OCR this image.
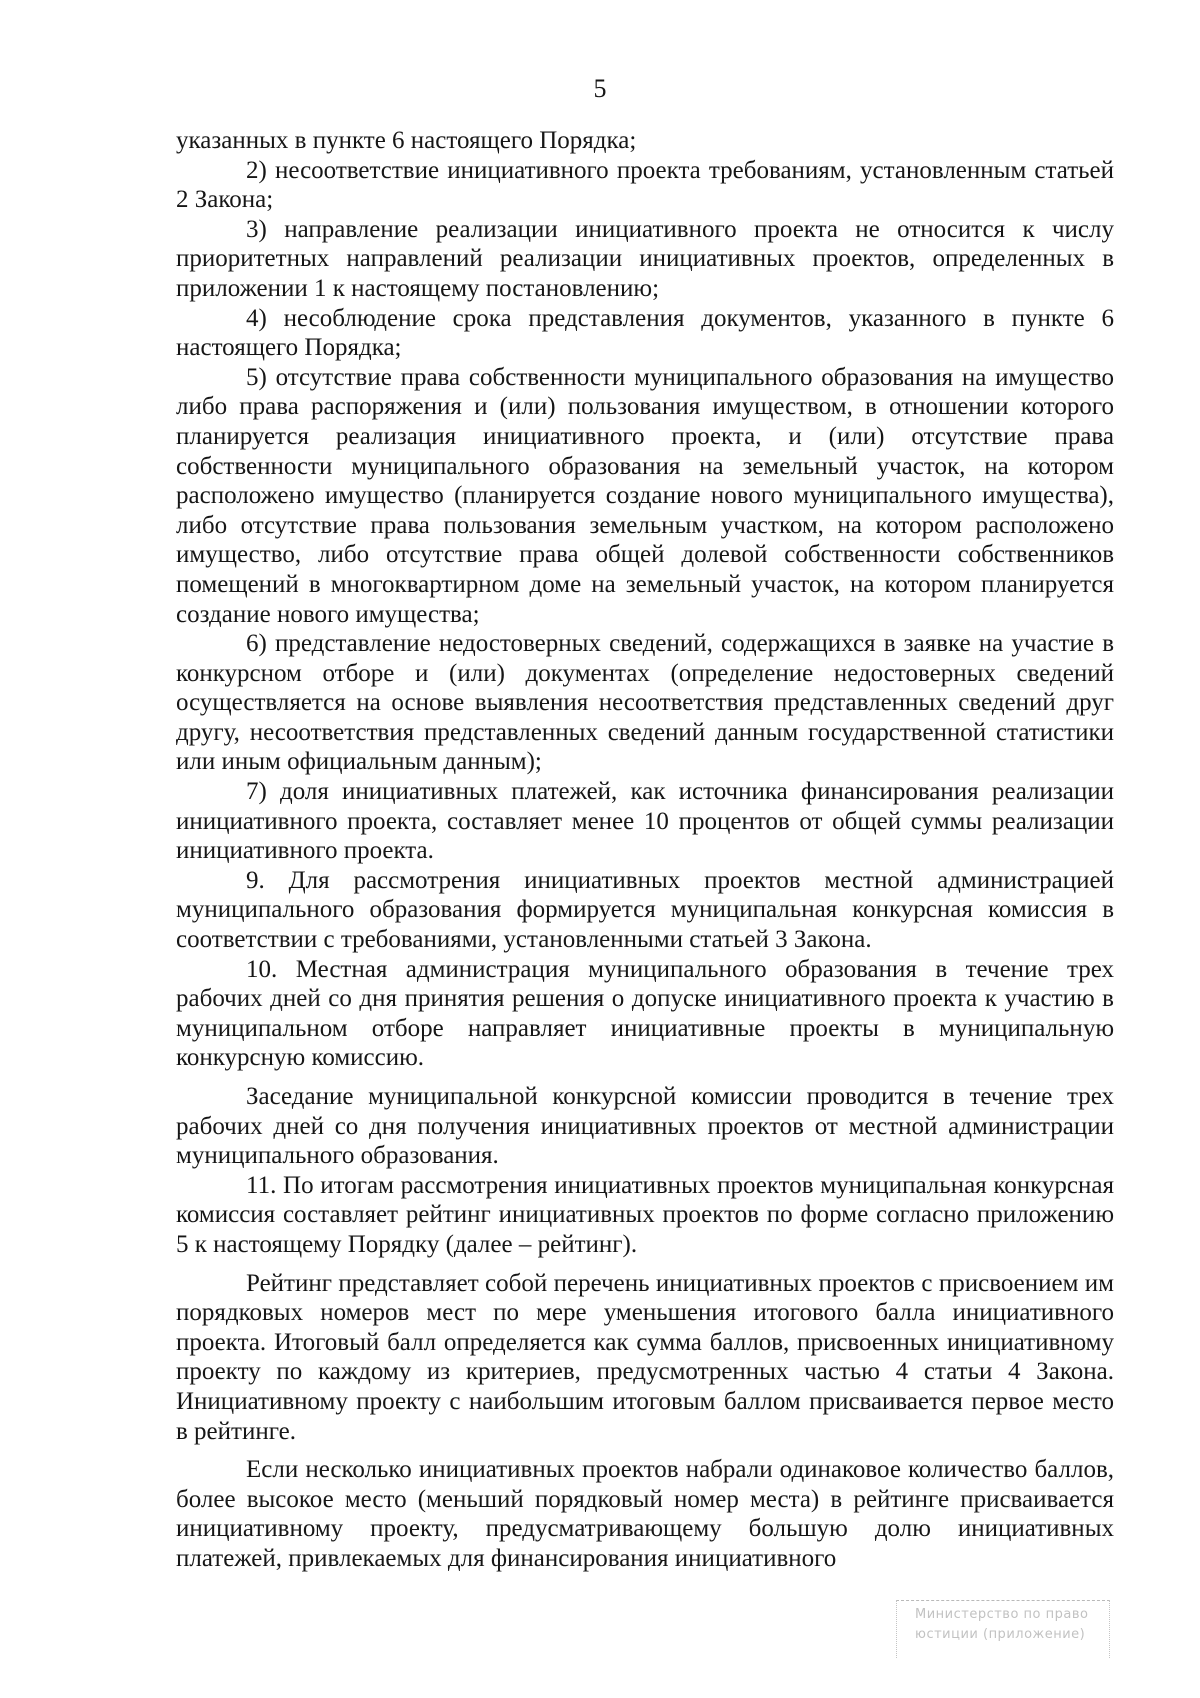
5

указанных в пункте 6 настоящего Порядка;

2) несоответствие инициативного проекта требованиям, установленным статьей 2 Закона;

3) направление реализации инициативного проекта не относится к числу приоритетных направлений реализации инициативных проектов, определенных в приложении 1 к настоящему постановлению;

4) несоблюдение срока представления документов, указанного в пункте 6 настоящего Порядка;

5) отсутствие права собственности муниципального образования на имущество либо права распоряжения и (или) пользования имуществом, в отношении которого планируется реализация инициативного проекта, и (или) отсутствие права собственности муниципального образования на земельный участок, на котором расположено имущество (планируется создание нового муниципального имущества), либо отсутствие права пользования земельным участком, на котором расположено имущество, либо отсутствие права общей долевой собственности собственников помещений в многоквартирном доме на земельный участок, на котором планируется создание нового имущества;

6) представление недостоверных сведений, содержащихся в заявке на участие в конкурсном отборе и (или) документах (определение недостоверных сведений осуществляется на основе выявления несоответствия представленных сведений друг другу, несоответствия представленных сведений данным государственной статистики или иным официальным данным);

7) доля инициативных платежей, как источника финансирования реализации инициативного проекта, составляет менее 10 процентов от общей суммы реализации инициативного проекта.

9. Для рассмотрения инициативных проектов местной администрацией муниципального образования формируется муниципальная конкурсная комиссия в соответствии с требованиями, установленными статьей 3 Закона.

10. Местная администрация муниципального образования в течение трех рабочих дней со дня принятия решения о допуске инициативного проекта к участию в муниципальном отборе направляет инициативные проекты в муниципальную конкурсную комиссию.

Заседание муниципальной конкурсной комиссии проводится в течение трех рабочих дней со дня получения инициативных проектов от местной администрации муниципального образования.

11. По итогам рассмотрения инициативных проектов муниципальная конкурсная комиссия составляет рейтинг инициативных проектов по форме согласно приложению 5 к настоящему Порядку (далее – рейтинг).

Рейтинг представляет собой перечень инициативных проектов с присвоением им порядковых номеров мест по мере уменьшения итогового балла инициативного проекта. Итоговый балл определяется как сумма баллов, присвоенных инициативному проекту по каждому из критериев, предусмотренных частью 4 статьи 4 Закона. Инициативному проекту с наибольшим итоговым баллом присваивается первое место в рейтинге.

Если несколько инициативных проектов набрали одинаковое количество баллов, более высокое место (меньший порядковый номер места) в рейтинге присваивается инициативному проекту, предусматривающему большую долю инициативных платежей, привлекаемых для финансирования инициативного

Министерство по право
юстиции (приложение)
